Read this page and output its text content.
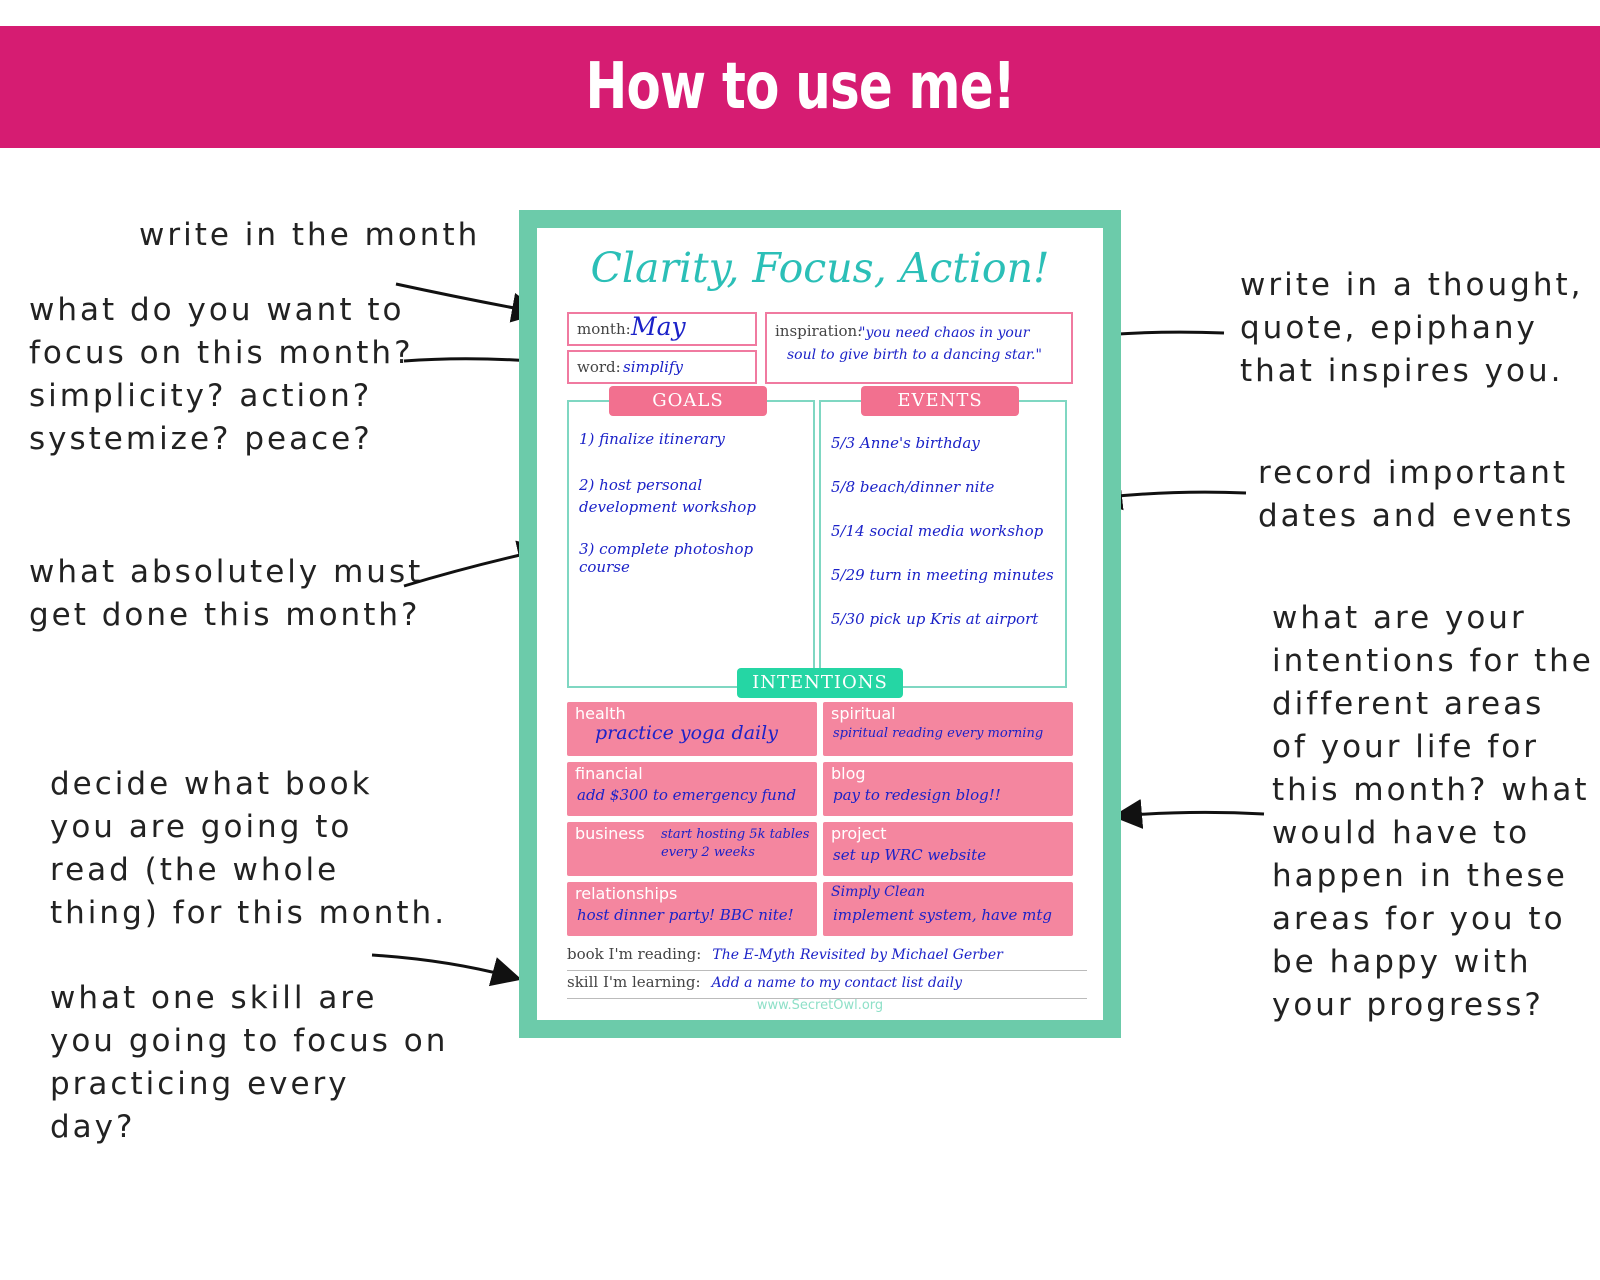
How to use me!
write in the month
what do you want to
focus on this month?
simplicity? action?
systemize? peace?
what absolutely must
get done this month?
decide what book
you are going to
read (the whole
thing) for this month.
what one skill are
you going to focus on
practicing every
day?
write in a thought,
quote, epiphany
that inspires you.
record important
dates and events
what are your
intentions for the
different areas
of your life for
this month? what
would have to
happen in these
areas for you to
be happy with
your progress?
Clarity, Focus, Action!
month: May
word: simplify
inspiration:
"you need chaos in your soul to give birth to a dancing star."
GOALS
1) finalize itinerary
2) host personal development workshop
3) complete photoshop course
EVENTS
5/3 Anne's birthday
5/8 beach/dinner nite
5/14 social media workshop
5/29 turn in meeting minutes
5/30 pick up Kris at airport
INTENTIONS
health
practice yoga daily
spiritual
spiritual reading every morning
financial
add $300 to emergency fund
blog
pay to redesign blog!!
business start hosting 5k tables every 2 weeks
project
set up WRC website
relationships
host dinner party! BBC nite!
Simply Clean
implement system, have mtg
book I'm reading: The E-Myth Revisited by Michael Gerber
skill I'm learning: Add a name to my contact list daily
www.SecretOwl.org
